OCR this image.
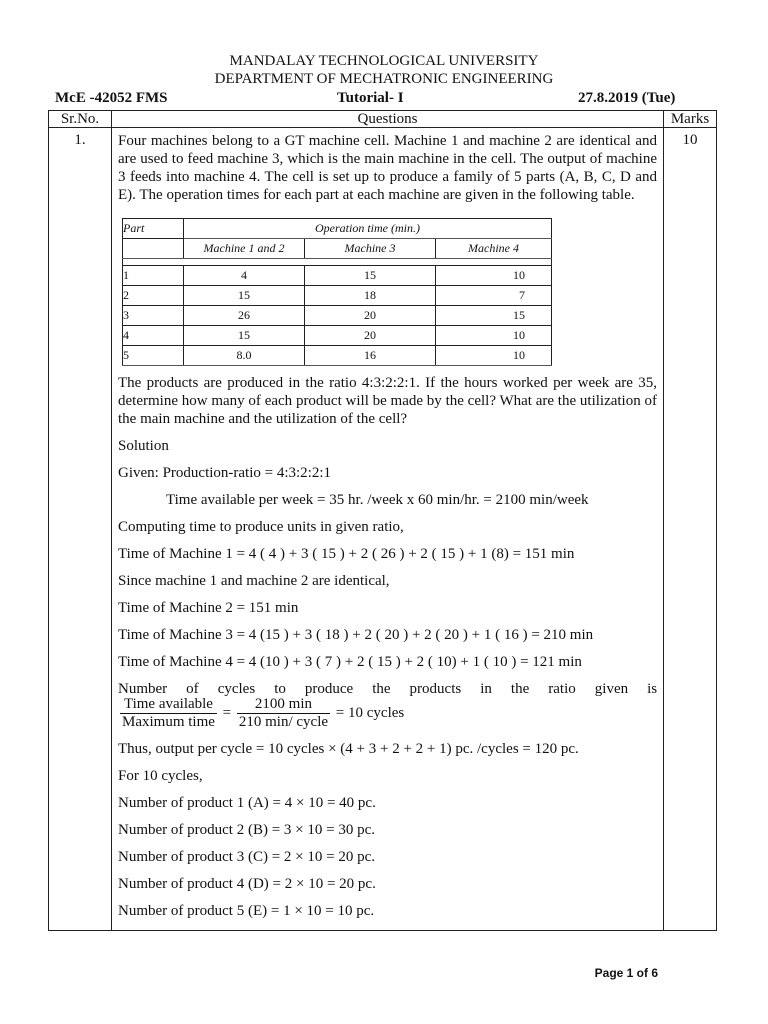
MANDALAY TECHNOLOGICAL UNIVERSITY
DEPARTMENT OF MECHATRONIC ENGINEERING
McE -42052 FMS	Tutorial- I	27.8.2019 (Tue)
Sr.No.	Questions	Marks
1.	Four machines belong to a GT machine cell. Machine 1 and machine 2 are identical and are used to feed machine 3, which is the main machine in the cell. The output of machine 3 feeds into machine 4. The cell is set up to produce a family of 5 parts (A, B, C, D and E). The operation times for each part at each machine are given in the following table.

Part	Operation time (min.)
	Machine 1 and 2	Machine 3	Machine 4

1	4	15	10
2	15	18	7
3	26	20	15
4	15	20	10
5	8.0	16	10

The products are produced in the ratio 4:3:2:2:1. If the hours worked per week are 35, determine how many of each product will be made by the cell? What are the utilization of the main machine and the utilization of the cell?

Solution

Given: Production-ratio = 4:3:2:2:1

Time available per week = 35 hr. /week x 60 min/hr. = 2100 min/week

Computing time to produce units in given ratio,

Time of Machine 1 = 4 ( 4 ) + 3 ( 15 ) + 2 ( 26 ) + 2 ( 15 ) + 1 (8) = 151 min

Since machine 1 and machine 2 are identical,

Time of Machine 2 = 151 min

Time of Machine 3 = 4 (15 ) + 3 ( 18 ) + 2 ( 20 ) + 2 ( 20 ) + 1 ( 16 ) = 210 min

Time of Machine 4 = 4 (10 ) + 3 ( 7 ) + 2 ( 15 ) + 2 ( 10) + 1 ( 10 ) = 121 min

Number of cycles to produce the products in the ratio given is

$\frac{\text{Time available}}{\text{Maximum time}} = \frac{2100 \min}{\text{210 min/ cycle}} = 10$ cycles

Thus, output per cycle = 10 cycles × (4 + 3 + 2 + 2 + 1) pc. /cycles = 120 pc.

For 10 cycles,

Number of product 1 (A) = 4 × 10 = 40 pc.

Number of product 2 (B) = 3 × 10 = 30 pc.

Number of product 3 (C) = 2 × 10 = 20 pc.

Number of product 4 (D) = 2 × 10 = 20 pc.

Number of product 5 (E) = 1 × 10 = 10 pc.

	10
Page 1 of 6
